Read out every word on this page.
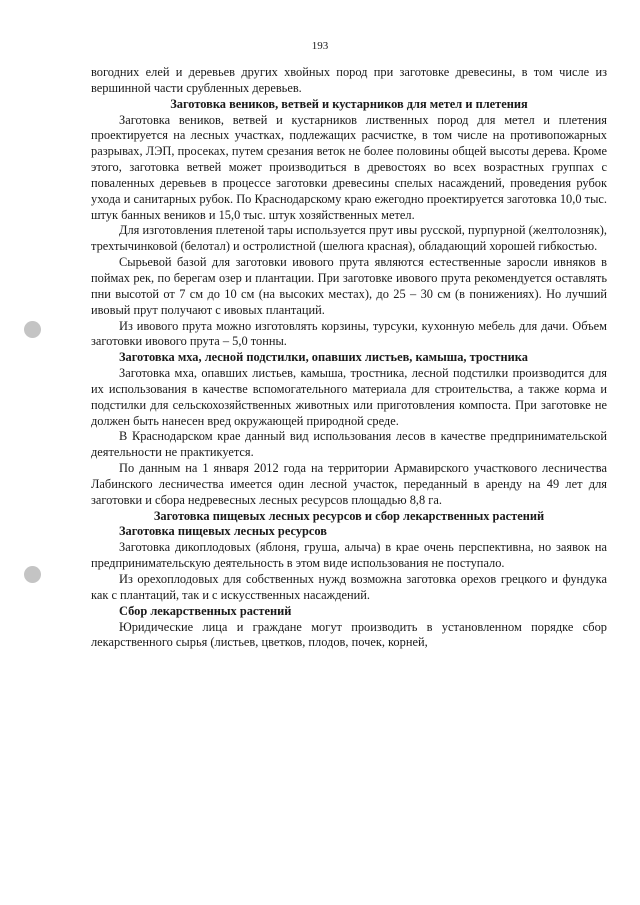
193

вогодних елей и деревьев других хвойных пород при заготовке древесины, в том числе из вершинной части срубленных деревьев.

Заготовка веников, ветвей и кустарников для метел и плетения

Заготовка веников, ветвей и кустарников лиственных пород для метел и плетения проектируется на лесных участках, подлежащих расчистке, в том числе на противопожарных разрывах, ЛЭП, просеках, путем срезания веток не более половины общей высоты дерева. Кроме этого, заготовка ветвей может производиться в древостоях во всех возрастных группах с поваленных деревьев в процессе заготовки древесины спелых насаждений, проведения рубок ухода и санитарных рубок. По Краснодарскому краю ежегодно проектируется заготовка 10,0 тыс. штук банных веников и 15,0 тыс. штук хозяйственных метел.

Для изготовления плетеной тары используется прут ивы русской, пурпурной (желтолозняк), трехтычинковой (белотал) и остролистной (шелюга красная), обладающий хорошей гибкостью.

Сырьевой базой для заготовки ивового прута являются естественные заросли ивняков в поймах рек, по берегам озер и плантации. При заготовке ивового прута рекомендуется оставлять пни высотой от 7 см до 10 см (на высоких местах), до 25 – 30 см (в понижениях). Но лучший ивовый прут получают с ивовых плантаций.

Из ивового прута можно изготовлять корзины, турсуки, кухонную мебель для дачи. Объем заготовки ивового прута – 5,0 тонны.

Заготовка мха, лесной подстилки, опавших листьев, камыша, тростника

Заготовка мха, опавших листьев, камыша, тростника, лесной подстилки производится для их использования в качестве вспомогательного материала для строительства, а также корма и подстилки для сельскохозяйственных животных или приготовления компоста. При заготовке не должен быть нанесен вред окружающей природной среде.

В Краснодарском крае данный вид использования лесов в качестве предпринимательской деятельности не практикуется.

По данным на 1 января 2012 года на территории Армавирского участкового лесничества Лабинского лесничества имеется один лесной участок, переданный в аренду на 49 лет для заготовки и сбора недревесных лесных ресурсов площадью 8,8 га.

Заготовка пищевых лесных ресурсов и сбор лекарственных растений

Заготовка пищевых лесных ресурсов

Заготовка дикоплодовых (яблоня, груша, алыча) в крае очень перспективна, но заявок на предпринимательскую деятельность в этом виде использования не поступало.

Из орехоплодовых для собственных нужд возможна заготовка орехов грецкого и фундука как с плантаций, так и с искусственных насаждений.

Сбор лекарственных растений

Юридические лица и граждане могут производить в установленном порядке сбор лекарственного сырья (листьев, цветков, плодов, почек, корней,
